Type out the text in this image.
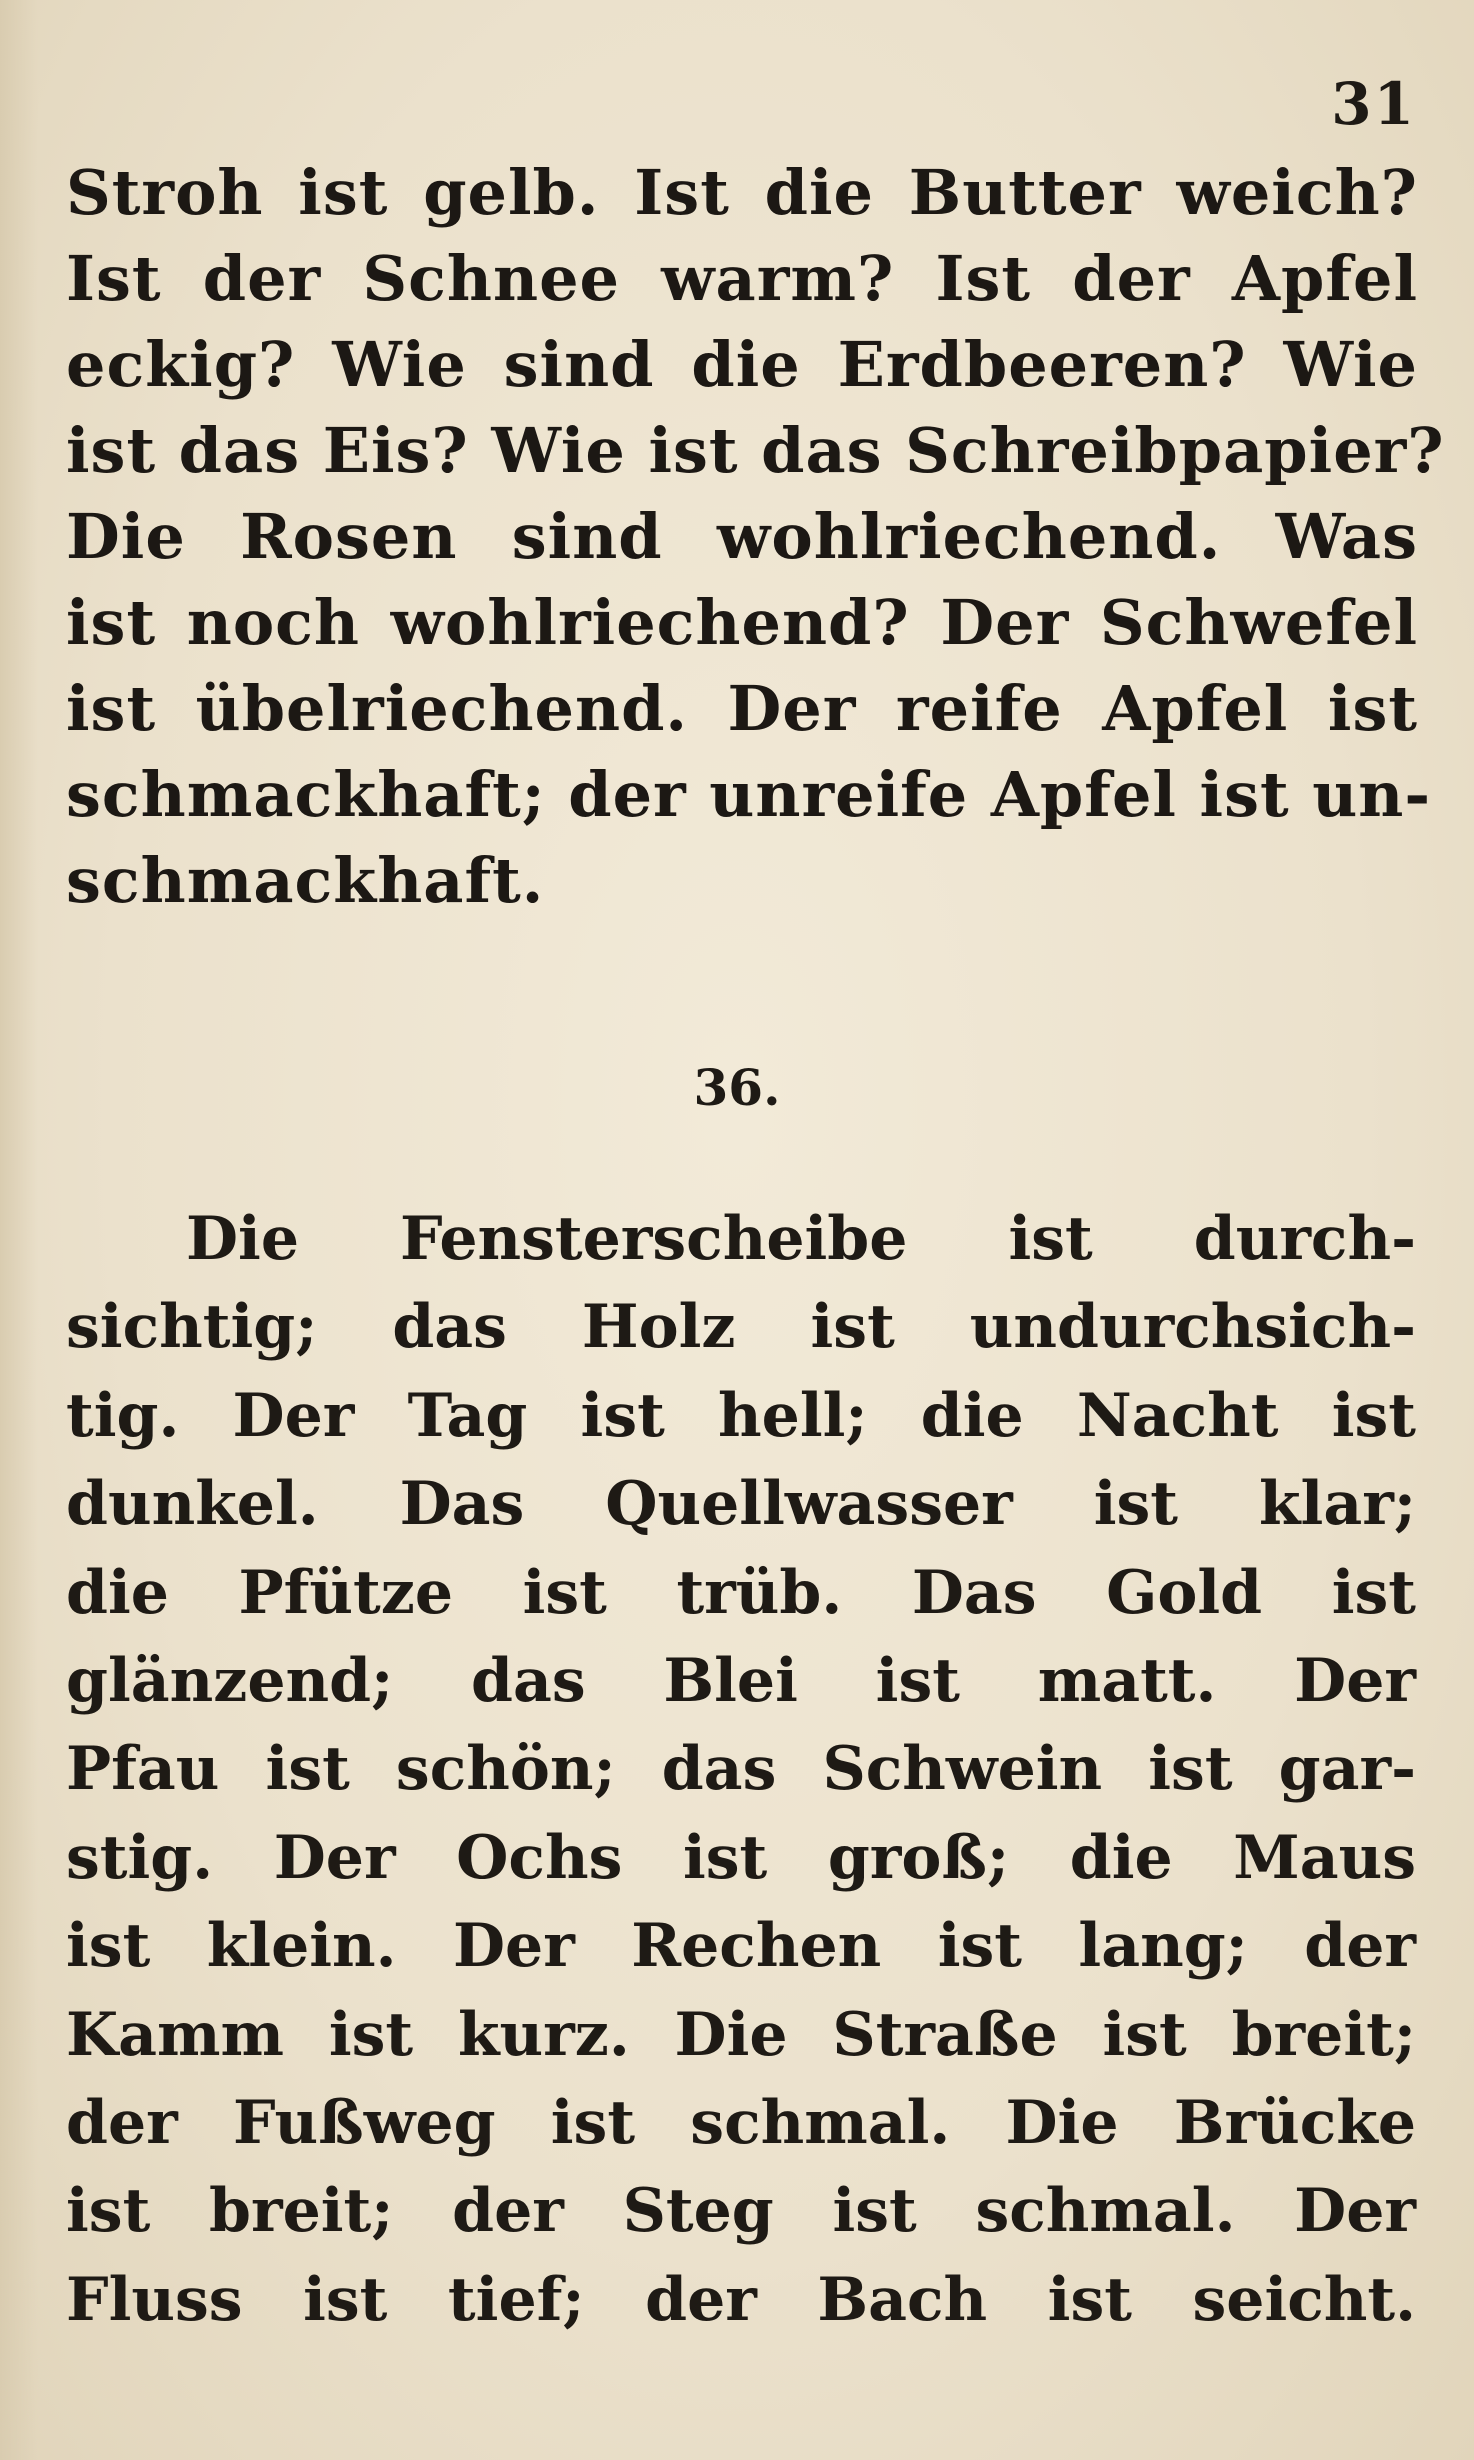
31
Stroh ist gelb. Ist die Butter weich?
Ist der Schnee warm? Ist der Apfel
eckig? Wie sind die Erdbeeren? Wie
ist das Eis? Wie ist das Schreibpapier?
Die Rosen sind wohlriechend. Was
ist noch wohlriechend? Der Schwefel
ist übelriechend. Der reife Apfel ist
schmackhaft; der unreife Apfel ist un-
schmackhaft.
36.
Die Fensterscheibe ist durch-
sichtig; das Holz ist undurchsich-
tig. Der Tag ist hell; die Nacht ist
dunkel. Das Quellwasser ist klar;
die Pfütze ist trüb. Das Gold ist
glänzend; das Blei ist matt. Der
Pfau ist schön; das Schwein ist gar-
stig. Der Ochs ist groß; die Maus
ist klein. Der Rechen ist lang; der
Kamm ist kurz. Die Straße ist breit;
der Fußweg ist schmal. Die Brücke
ist breit; der Steg ist schmal. Der
Fluss ist tief; der Bach ist seicht.
